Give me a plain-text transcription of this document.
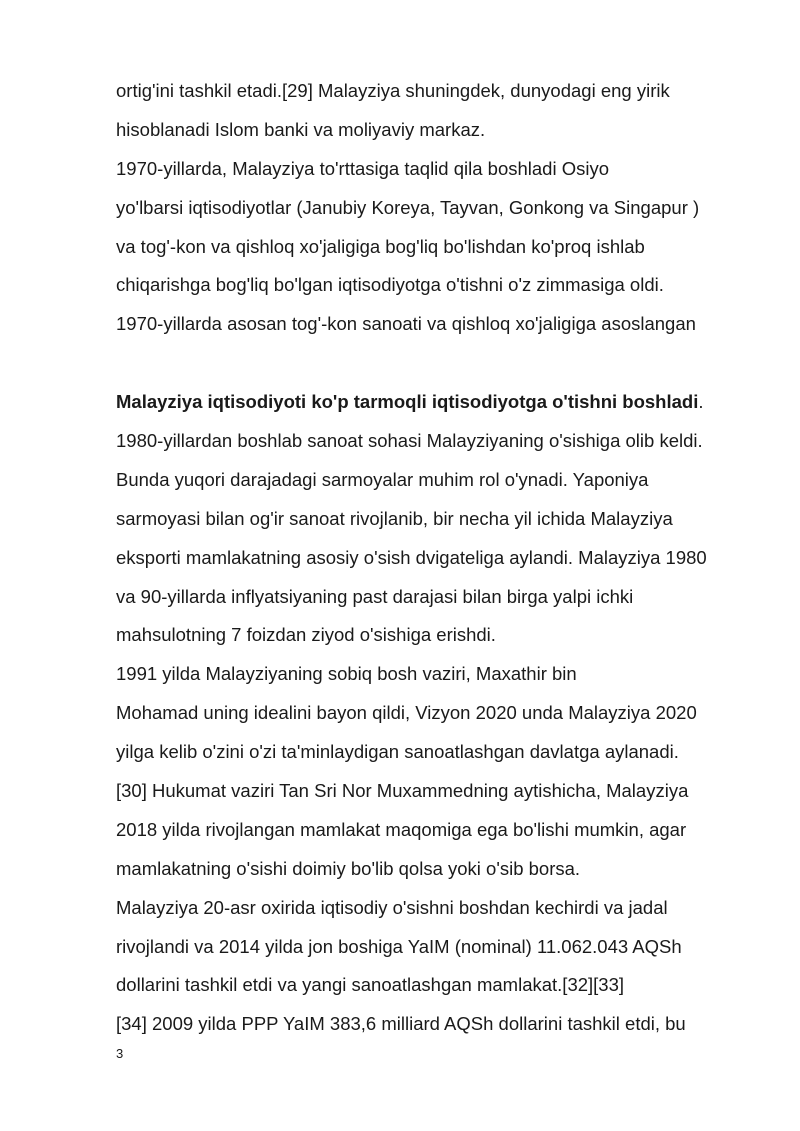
ortig'ini tashkil etadi.[29] Malayziya shuningdek, dunyodagi eng yirik
hisoblanadi Islom banki va moliyaviy markaz.
1970-yillarda, Malayziya to'rttasiga taqlid qila boshladi Osiyo
yo'lbarsi iqtisodiyotlar (Janubiy Koreya, Tayvan, Gonkong va Singapur )
va tog'-kon va qishloq xo'jaligiga bog'liq bo'lishdan ko'proq ishlab
chiqarishga bog'liq bo'lgan iqtisodiyotga o'tishni o'z zimmasiga oldi.
1970-yillarda asosan tog'-kon sanoati va qishloq xo'jaligiga asoslangan
Malayziya iqtisodiyoti ko'p tarmoqli iqtisodiyotga o'tishni boshladi.
1980-yillardan boshlab sanoat sohasi Malayziyaning o'sishiga olib keldi.
Bunda yuqori darajadagi sarmoyalar muhim rol o'ynadi. Yaponiya
sarmoyasi bilan og'ir sanoat rivojlanib, bir necha yil ichida Malayziya
eksporti mamlakatning asosiy o'sish dvigateliga aylandi. Malayziya 1980
va 90-yillarda inflyatsiyaning past darajasi bilan birga yalpi ichki
mahsulotning 7 foizdan ziyod o'sishiga erishdi.
1991 yilda Malayziyaning sobiq bosh vaziri, Maxathir bin
Mohamad uning idealini bayon qildi, Vizyon 2020 unda Malayziya 2020
yilga kelib o'zini o'zi ta'minlaydigan sanoatlashgan davlatga aylanadi.
[30] Hukumat vaziri Tan Sri Nor Muxammedning aytishicha, Malayziya
2018 yilda rivojlangan mamlakat maqomiga ega bo'lishi mumkin, agar
mamlakatning o'sishi doimiy bo'lib qolsa yoki o'sib borsa.
Malayziya 20-asr oxirida iqtisodiy o'sishni boshdan kechirdi va jadal
rivojlandi va 2014 yilda jon boshiga YaIM (nominal) 11.062.043 AQSh
dollarini tashkil etdi va yangi sanoatlashgan mamlakat.[32][33]
[34] 2009 yilda PPP YaIM 383,6 milliard AQSh dollarini tashkil etdi, bu
3
